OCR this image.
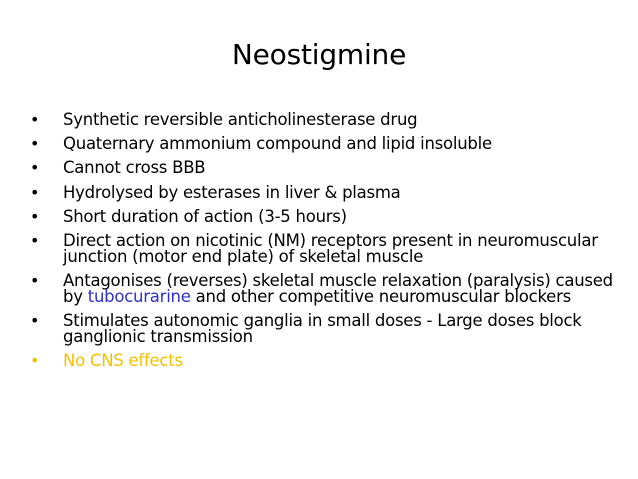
Neostigmine
• Synthetic reversible anticholinesterase drug
• Quaternary ammonium compound and lipid insoluble
• Cannot cross BBB
• Hydrolysed by esterases in liver & plasma
• Short duration of action (3-5 hours)
• Direct action on nicotinic (NM) receptors present in neuromuscular junction (motor end plate) of skeletal muscle
• Antagonises (reverses) skeletal muscle relaxation (paralysis) caused by tubocurarine and other competitive neuromuscular blockers
• Stimulates autonomic ganglia in small doses - Large doses block ganglionic transmission
• No CNS effects
